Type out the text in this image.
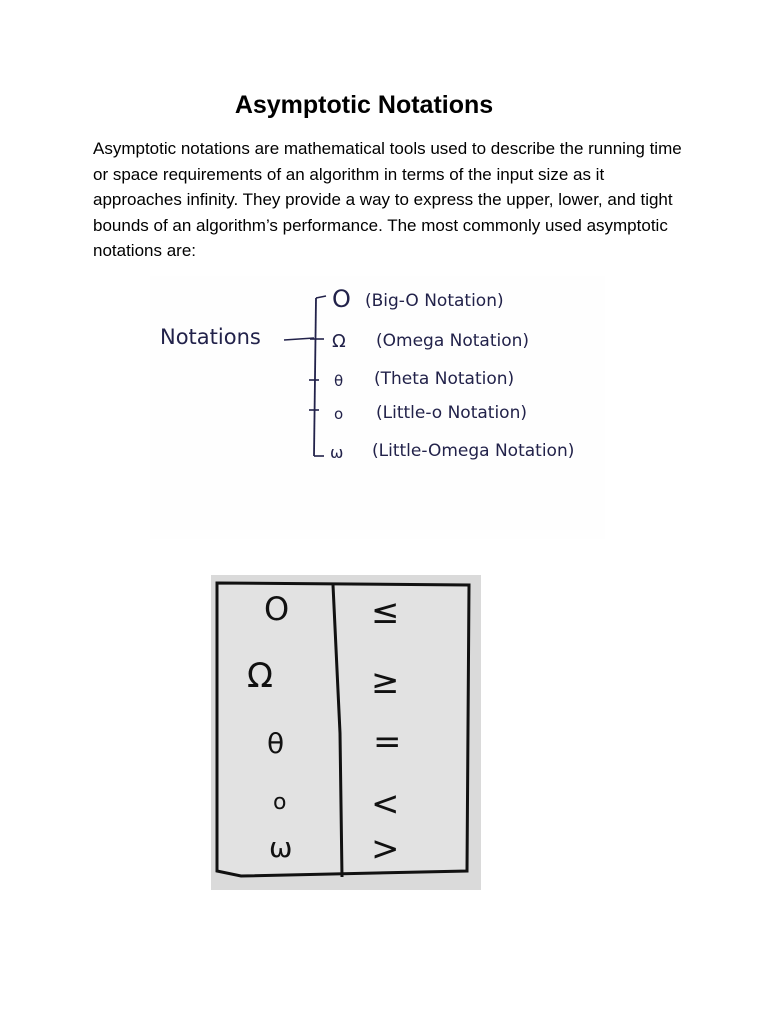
Asymptotic Notations

Asymptotic notations are mathematical tools used to describe the running time or space requirements of an algorithm in terms of the input size as it approaches infinity. They provide a way to express the upper, lower, and tight bounds of an algorithm’s performance. The most commonly used asymptotic notations are:

Notations
O (Big-O Notation)
Ω (Omega Notation)
θ (Theta Notation)
o (Little-o Notation)
ω (Little-Omega Notation)
O ≤
Ω	≥
θ	=
o <
ω >
